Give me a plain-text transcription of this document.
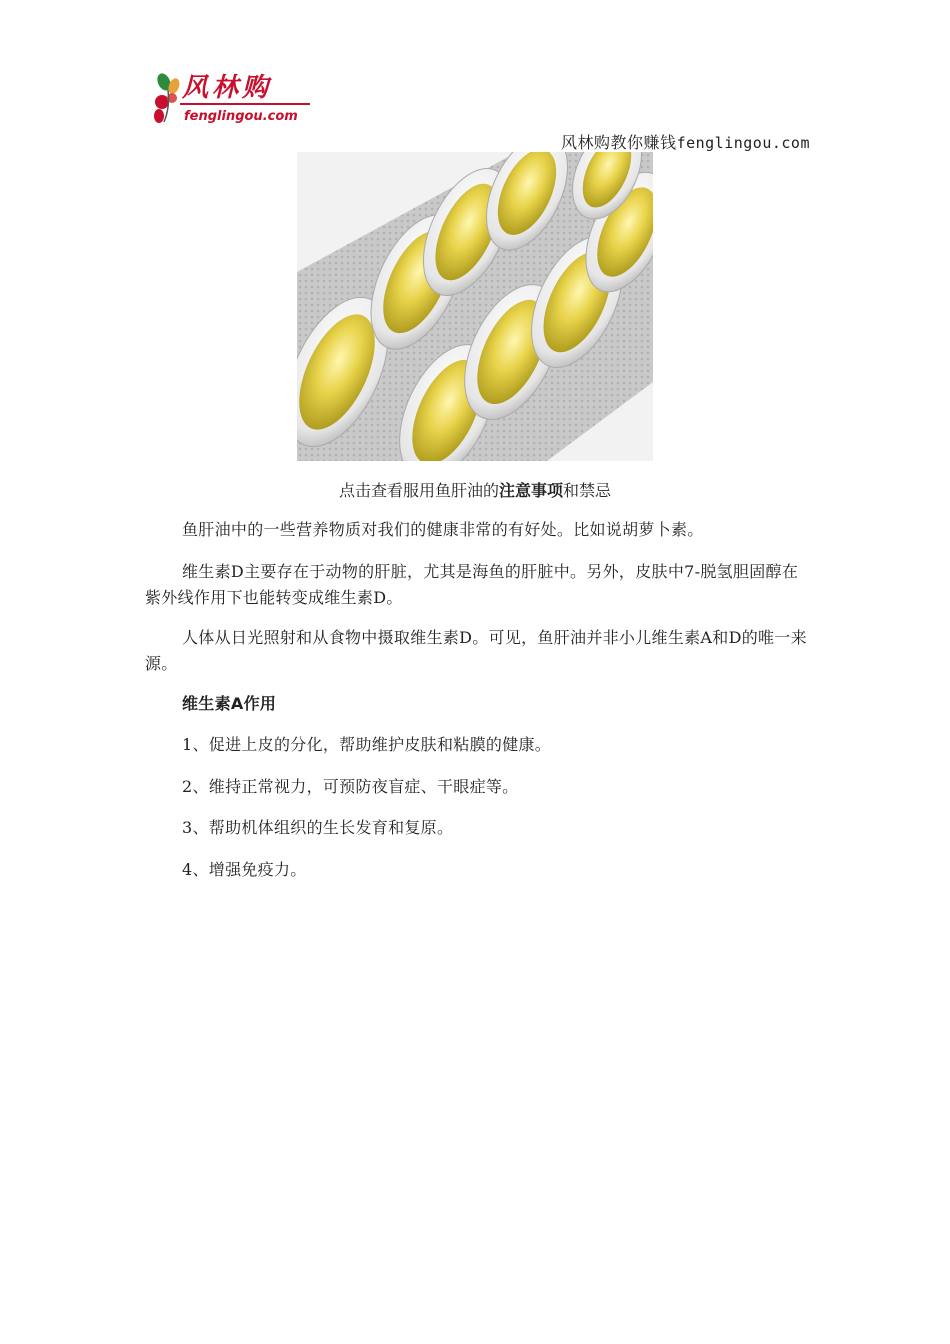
风林购
fenglingou.com
风林购教你赚钱fenglingou.com
点击查看服用鱼肝油的注意事项和禁忌
鱼肝油中的一些营养物质对我们的健康非常的有好处。比如说胡萝卜素。
维生素D主要存在于动物的肝脏，尤其是海鱼的肝脏中。另外，皮肤中7-脱氢胆固醇在紫外线作用下也能转变成维生素D。
人体从日光照射和从食物中摄取维生素D。可见，鱼肝油并非小儿维生素A和D的唯一来源。
维生素A作用
1、促进上皮的分化，帮助维护皮肤和粘膜的健康。
2、维持正常视力，可预防夜盲症、干眼症等。
3、帮助机体组织的生长发育和复原。
4、增强免疫力。
